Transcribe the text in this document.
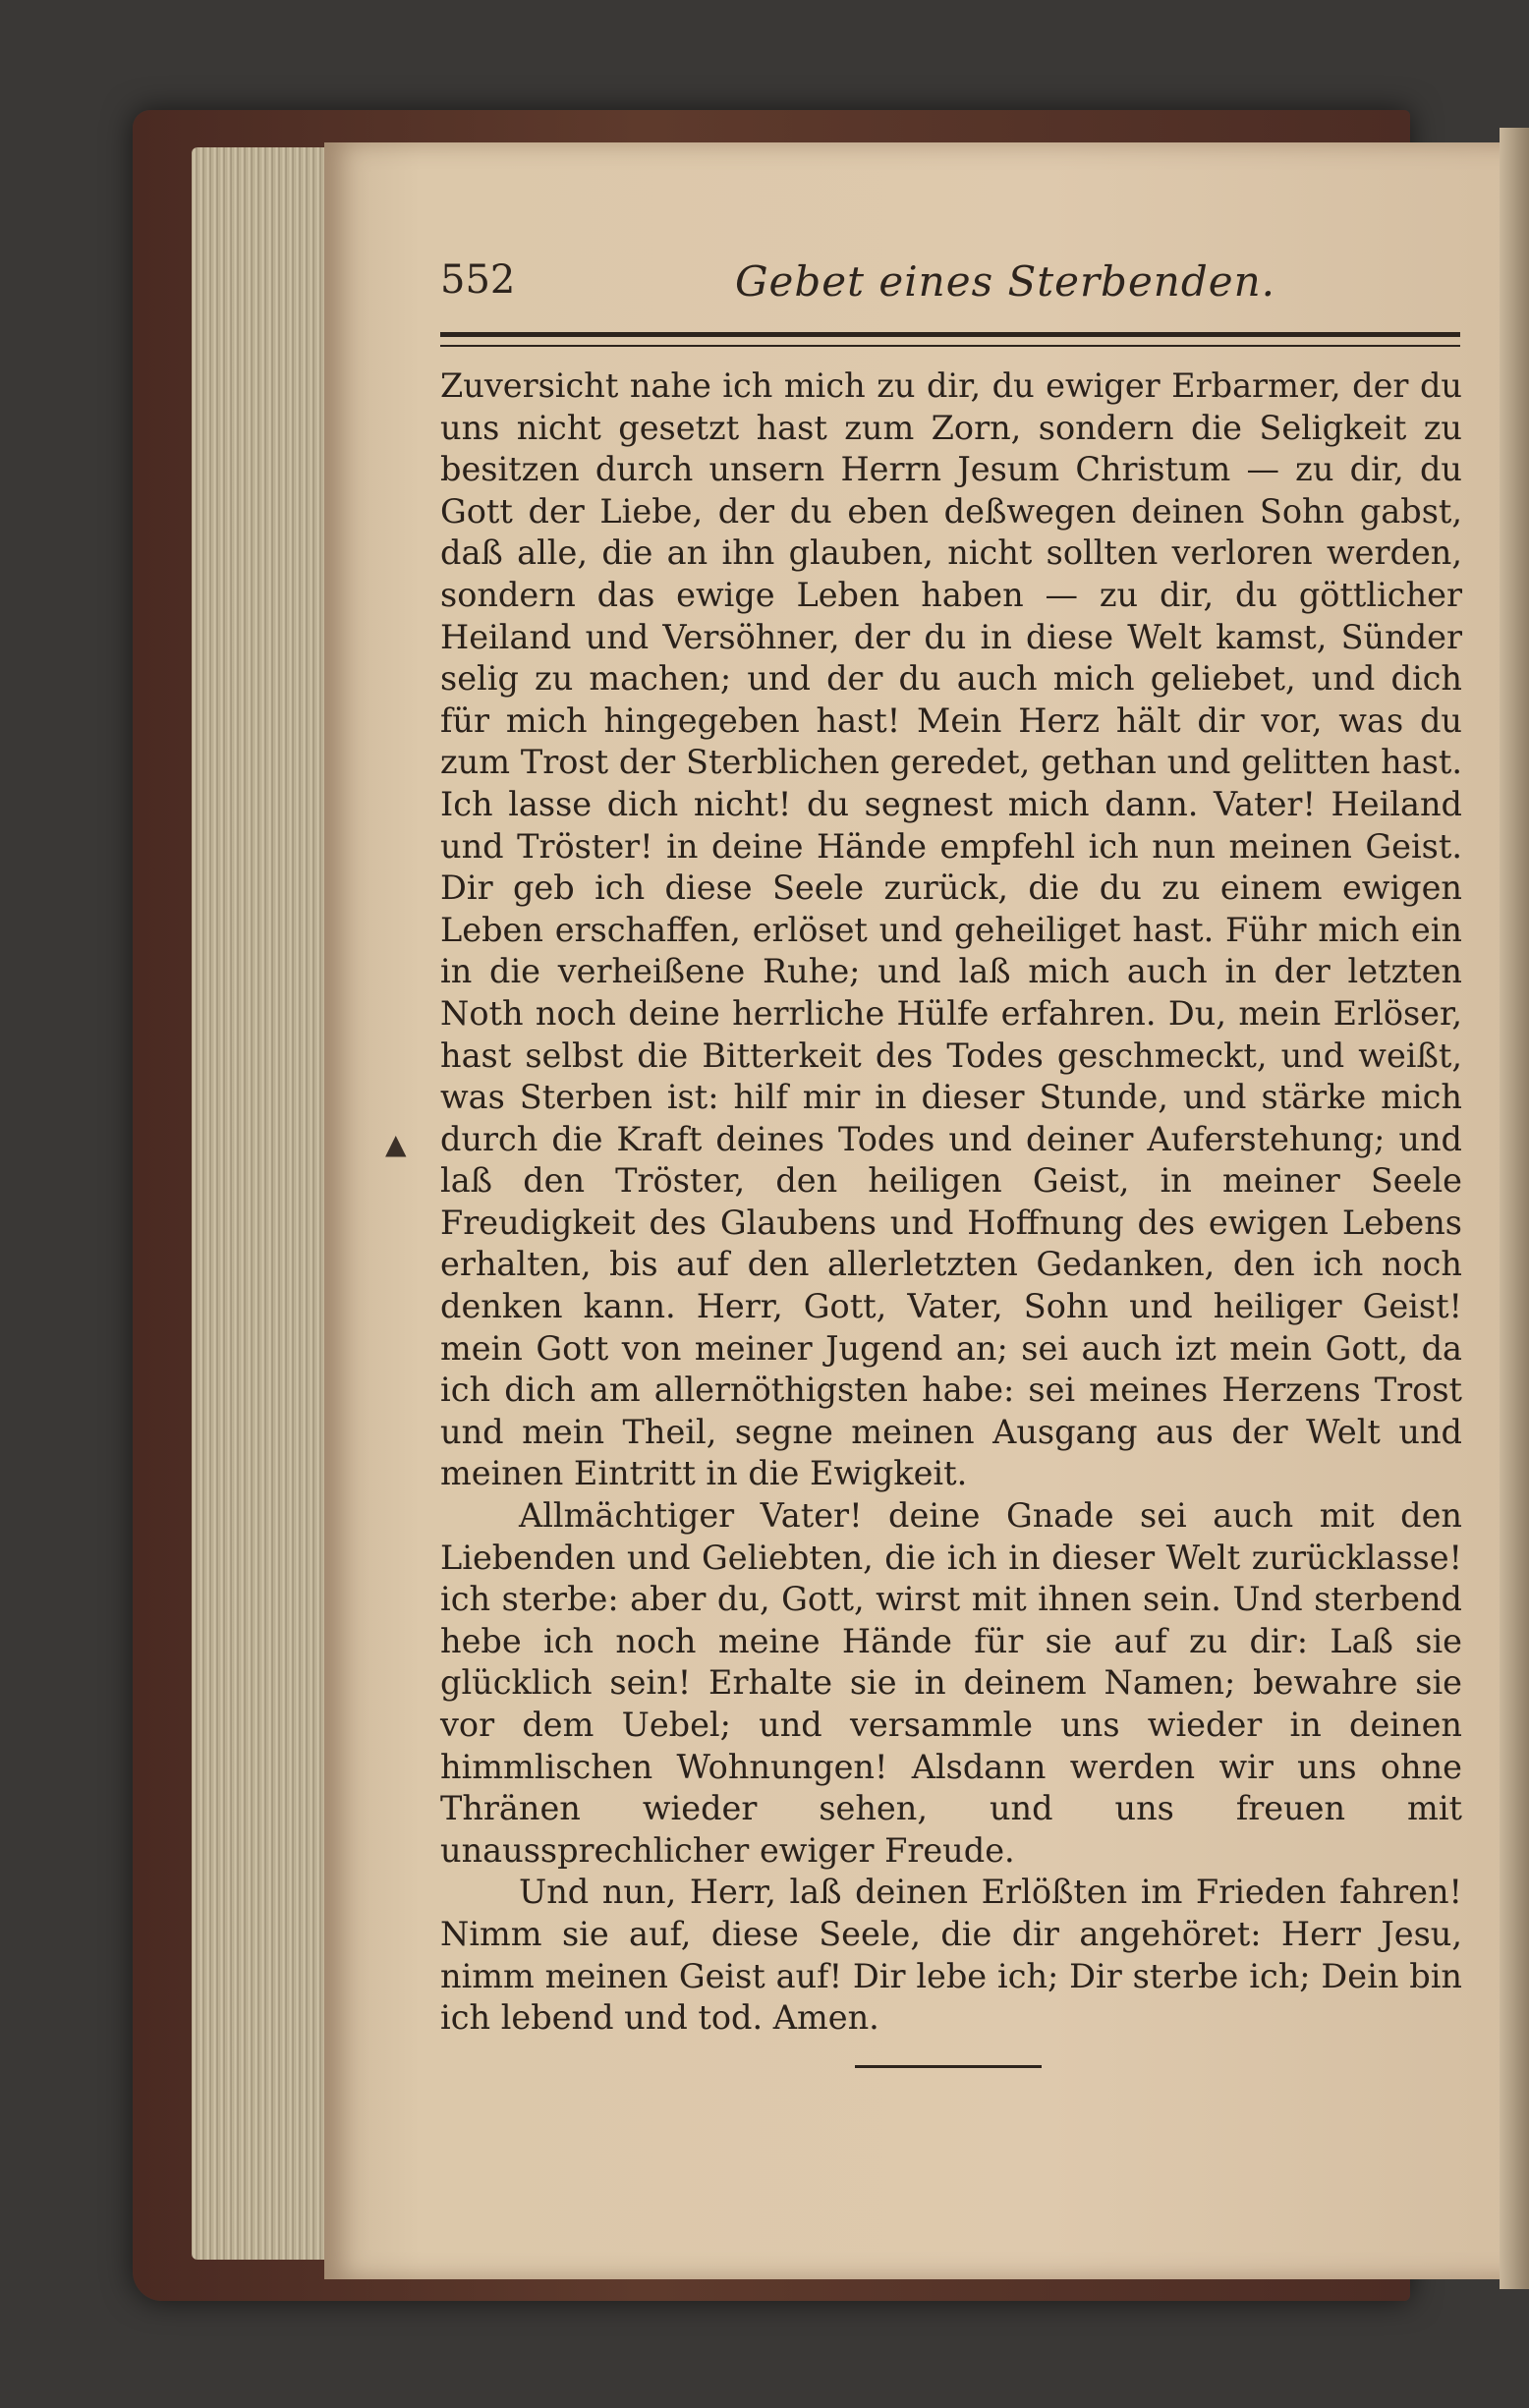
552	Gebet eines Sterbenden.
▲

Zuversicht nahe ich mich zu dir, du ewiger Erbarmer, der du uns nicht gesetzt hast zum Zorn, sondern die Seligkeit zu besitzen durch unsern Herrn Jesum Christum — zu dir, du Gott der Liebe, der du eben deßwegen deinen Sohn gabst, daß alle, die an ihn glauben, nicht sollten verloren werden, sondern das ewige Leben haben — zu dir, du göttlicher Heiland und Versöhner, der du in diese Welt kamst, Sünder selig zu machen; und der du auch mich geliebet, und dich für mich hingegeben hast! Mein Herz hält dir vor, was du zum Trost der Sterblichen geredet, gethan und gelitten hast. Ich lasse dich nicht! du segnest mich dann. Vater! Heiland und Tröster! in deine Hände empfehl ich nun meinen Geist. Dir geb ich diese Seele zurück, die du zu einem ewigen Leben erschaffen, erlöset und geheiliget hast. Führ mich ein in die verheißene Ruhe; und laß mich auch in der letzten Noth noch deine herrliche Hülfe erfahren. Du, mein Erlöser, hast selbst die Bitterkeit des Todes geschmeckt, und weißt, was Sterben ist: hilf mir in dieser Stunde, und stärke mich durch die Kraft deines Todes und deiner Auferstehung; und laß den Tröster, den heiligen Geist, in meiner Seele Freudigkeit des Glaubens und Hoffnung des ewigen Lebens erhalten, bis auf den allerletzten Gedanken, den ich noch denken kann. Herr, Gott, Vater, Sohn und heiliger Geist! mein Gott von meiner Jugend an; sei auch izt mein Gott, da ich dich am allernöthigsten habe: sei meines Herzens Trost und mein Theil, segne meinen Ausgang aus der Welt und meinen Eintritt in die Ewigkeit.

Allmächtiger Vater! deine Gnade sei auch mit den Liebenden und Geliebten, die ich in dieser Welt zurücklasse! ich sterbe: aber du, Gott, wirst mit ihnen sein. Und sterbend hebe ich noch meine Hände für sie auf zu dir: Laß sie glücklich sein! Erhalte sie in deinem Namen; bewahre sie vor dem Uebel; und versammle uns wieder in deinen himmlischen Wohnungen! Alsdann werden wir uns ohne Thränen wieder sehen, und uns freuen mit unaussprechlicher ewiger Freude.

Und nun, Herr, laß deinen Erlößten im Frieden fahren! Nimm sie auf, diese Seele, die dir angehöret: Herr Jesu, nimm meinen Geist auf! Dir lebe ich; Dir sterbe ich; Dein bin ich lebend und tod. Amen.
